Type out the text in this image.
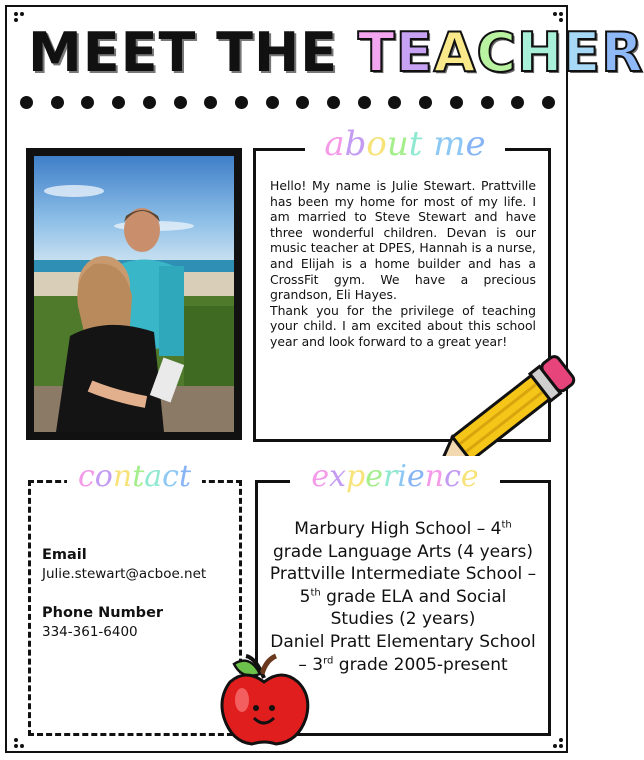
MEET THE TEACHER
about me

Hello! My name is Julie Stewart. Prattville has been my home for most of my life. I am married to Steve Stewart and have three wonderful children. Devan is our music teacher at DPES, Hannah is a nurse, and Elijah is a home builder and has a CrossFit gym. We have a precious grandson, Eli Hayes.

Thank you for the privilege of teaching your child. I am excited about this school year and look forward to a great year!

contact
Email
Julie.stewart@acboe.net
Phone Number
334-361-6400
experience
Marbury High School – 4th grade Language Arts (4 years)
Prattville Intermediate School – 5th grade ELA and Social Studies (2 years)
Daniel Pratt Elementary School – 3rd grade 2005-present
